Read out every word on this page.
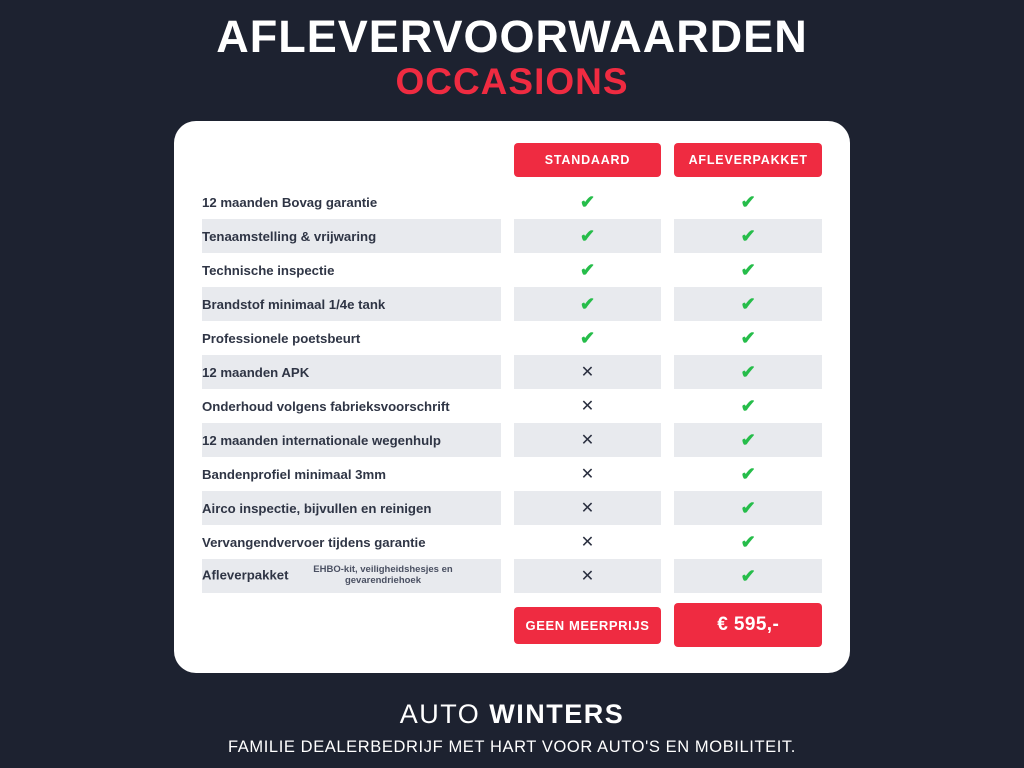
AFLEVERVOORWAARDEN
OCCASIONS

		STANDAARD		AFLEVERPAKKET

12 maanden Bovag garantie		✔		✔
Tenaamstelling & vrijwaring		✔		✔
Technische inspectie		✔		✔
Brandstof minimaal 1/4e tank		✔		✔
Professionele poetsbeurt		✔		✔
12 maanden APK		✕		✔
Onderhoud volgens fabrieksvoorschrift		✕		✔
12 maanden internationale wegenhulp		✕		✔
Bandenprofiel minimaal 3mm		✕		✔
Airco inspectie, bijvullen en reinigen		✕		✔
Vervangendvervoer tijdens garantie		✕		✔
Afleverpakket EHBO-kit, veiligheidshesjes en gevarendriehoek		✕		✔

		GEEN MEERPRIJS		€ 595,-
AUTO WINTERS
FAMILIE DEALERBEDRIJF MET HART VOOR AUTO'S EN MOBILITEIT.
